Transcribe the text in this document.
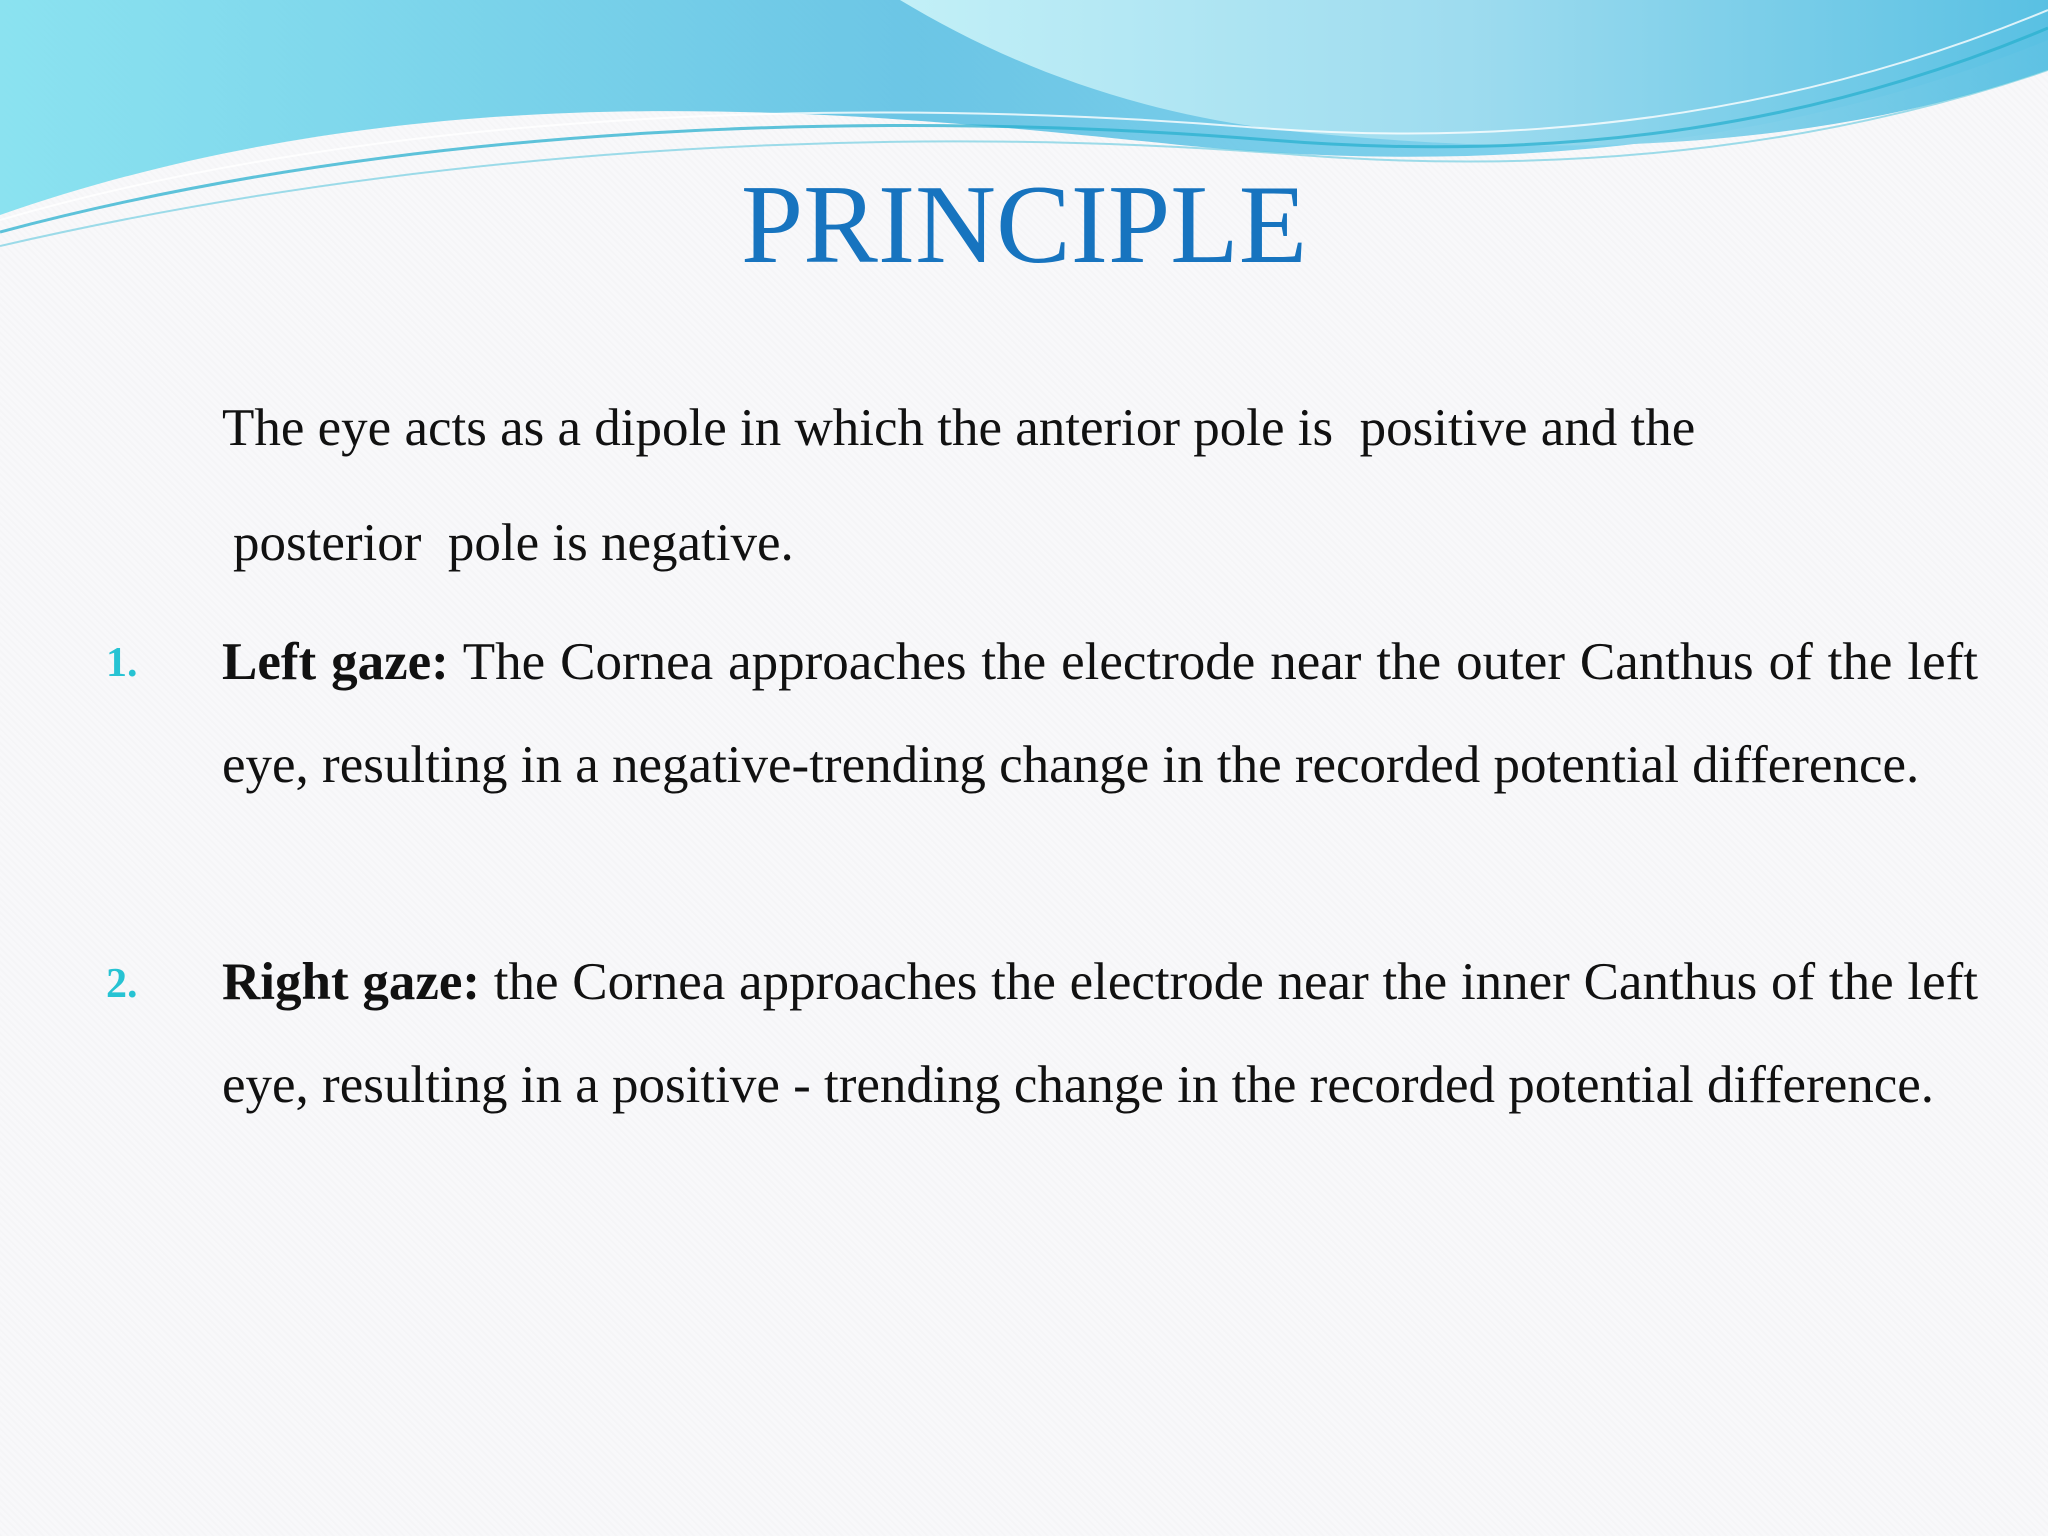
PRINCIPLE
The eye acts as a dipole in which the anterior pole is  positive and the
posterior  pole is negative.
1. Left gaze: The Cornea approaches the electrode near the outer Canthus of the left eye, resulting in a negative-trending change in the recorded potential difference.
2. Right gaze: the Cornea approaches the electrode near the inner Canthus of the left eye, resulting in a positive - trending change in the recorded potential difference.
